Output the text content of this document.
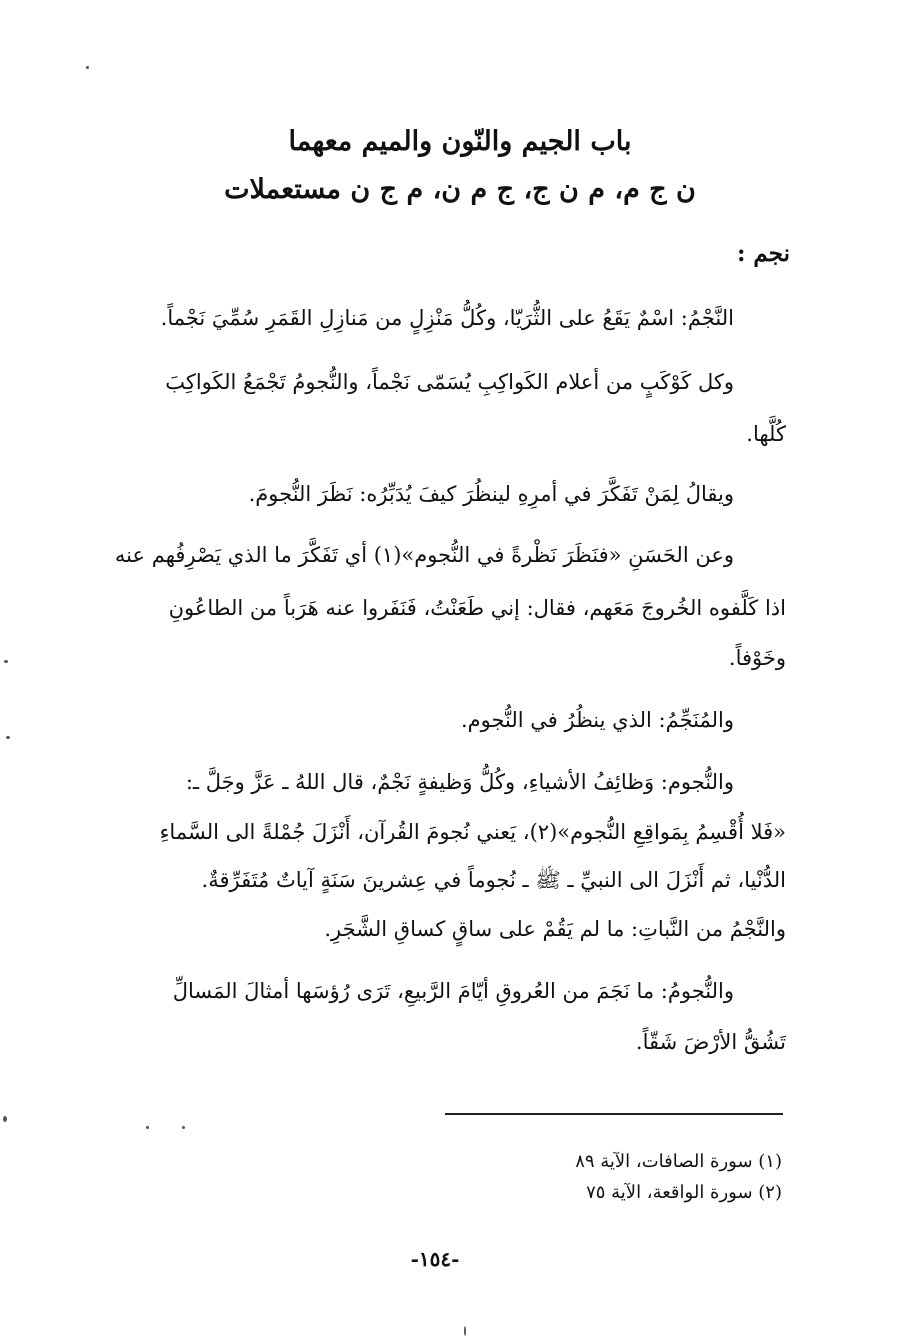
باب الجيم والنّون والميم معهما
ن ج م، م ن ج، ج م ن، م ج ن مستعملات
نجم :
النَّجْمُ: اسْمٌ يَقَعُ على الثُّرَيّا، وكُلُّ مَنْزِلٍ من مَنازِلِ القَمَرِ سُمِّيَ نَجْماً.
وكل كَوْكَبٍ من أعلام الكَواكِبِ يُسَمّى نَجْماً، والنُّجومُ تَجْمَعُ الكَواكِبَ
كُلَّها.
ويقالُ لِمَنْ تَفَكَّرَ في أمرِهِ لينظُرَ كيفَ يُدَبِّرُه: نَظَرَ النُّجومَ.
وعن الحَسَنِ «فنَظَرَ نَظْرةً في النُّجوم»(١) أي تَفَكَّرَ ما الذي يَصْرِفُهم عنه
اذا كَلَّفوه الخُروجَ مَعَهم، فقال: إني طَعَنْتُ، فَنَفَروا عنه هَرَباً من الطاعُونِ
وخَوْفاً.
والمُنَجِّمُ: الذي ينظُرُ في النُّجوم.
والنُّجوم: وَظائِفُ الأشياءِ، وكُلُّ وَظيفةٍ نَجْمٌ، قال اللهُ ـ عَزَّ وجَلَّ ـ:
«فَلا أُقْسِمُ بِمَواقِعِ النُّجوم»(٢)، يَعني نُجومَ القُرآن، أَنْزَلَ جُمْلةً الى السَّماءِ
الدُّنْيا، ثم أَنْزَلَ الى النبيِّ ـ ﷺ ـ نُجوماً في عِشرينَ سَنَةٍ آياتٌ مُتَفَرِّقةٌ.
والنَّجْمُ من النَّباتِ: ما لم يَقُمْ على ساقٍ كساقِ الشَّجَرِ.
والنُّجومُ: ما نَجَمَ من العُروقِ أيّامَ الرَّبيعِ، تَرَى رُؤسَها أمثالَ المَسالِّ
تَشُقُّ الأرْضَ شَقّاً.
(١) سورة الصافات، الآية ٨٩
(٢) سورة الواقعة، الآية ٧٥
-١٥٤-
